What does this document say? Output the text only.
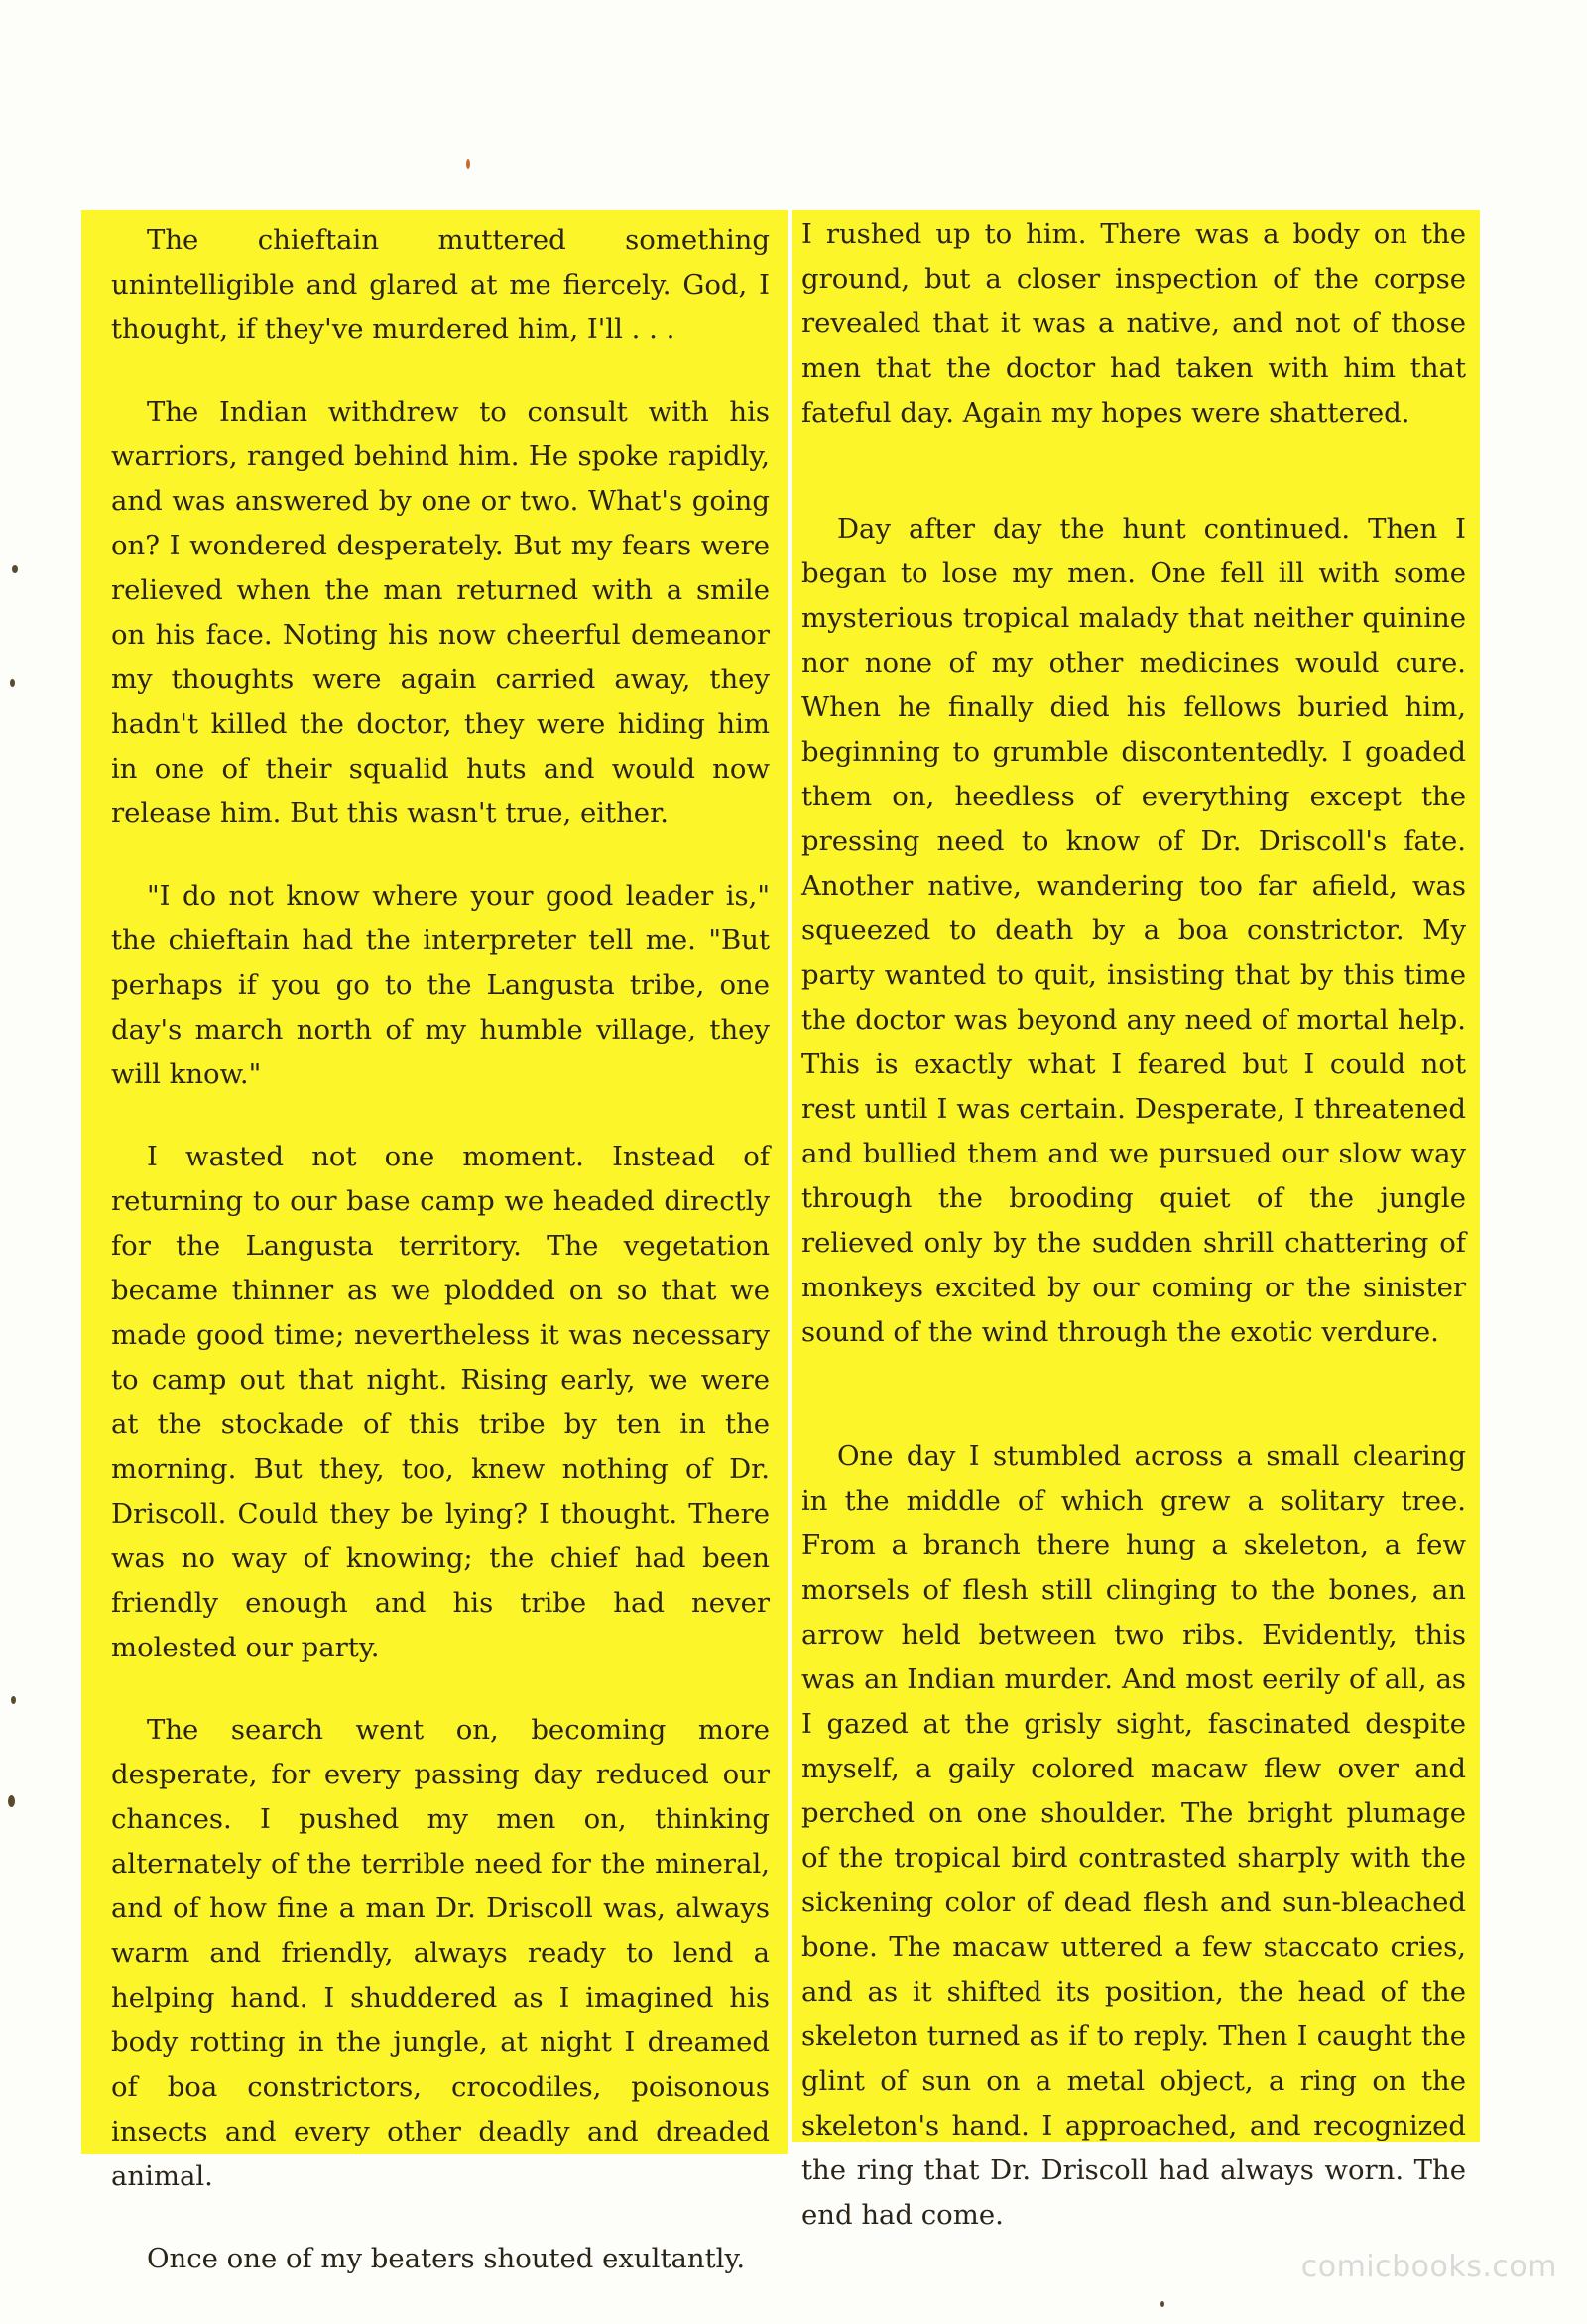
The chieftain muttered something unintelligible and glared at me fiercely. God, I thought, if they've murdered him, I'll . . .

The Indian withdrew to consult with his warriors, ranged behind him. He spoke rapidly, and was answered by one or two. What's going on? I wondered desperately. But my fears were relieved when the man returned with a smile on his face. Noting his now cheerful demeanor my thoughts were again carried away, they hadn't killed the doctor, they were hiding him in one of their squalid huts and would now release him. But this wasn't true, either.

"I do not know where your good leader is," the chieftain had the interpreter tell me. "But perhaps if you go to the Langusta tribe, one day's march north of my humble village, they will know."

I wasted not one moment. Instead of returning to our base camp we headed directly for the Langusta territory. The vegetation became thinner as we plodded on so that we made good time; nevertheless it was necessary to camp out that night. Rising early, we were at the stockade of this tribe by ten in the morning. But they, too, knew nothing of Dr. Driscoll. Could they be lying? I thought. There was no way of knowing; the chief had been friendly enough and his tribe had never molested our party.

The search went on, becoming more desperate, for every passing day reduced our chances. I pushed my men on, thinking alternately of the terrible need for the mineral, and of how fine a man Dr. Driscoll was, always warm and friendly, always ready to lend a helping hand. I shuddered as I imagined his body rotting in the jungle, at night I dreamed of boa constrictors, crocodiles, poisonous insects and every other deadly and dreaded animal.

Once one of my beaters shouted exultantly.

I rushed up to him. There was a body on the ground, but a closer inspection of the corpse revealed that it was a native, and not of those men that the doctor had taken with him that fateful day. Again my hopes were shattered.

Day after day the hunt continued. Then I began to lose my men. One fell ill with some mysterious tropical malady that neither quinine nor none of my other medicines would cure. When he finally died his fellows buried him, beginning to grumble discontentedly. I goaded them on, heedless of everything except the pressing need to know of Dr. Driscoll's fate. Another native, wandering too far afield, was squeezed to death by a boa constrictor. My party wanted to quit, insisting that by this time the doctor was beyond any need of mortal help. This is exactly what I feared but I could not rest until I was certain. Desperate, I threatened and bullied them and we pursued our slow way through the brooding quiet of the jungle relieved only by the sudden shrill chattering of monkeys excited by our coming or the sinister sound of the wind through the exotic verdure.

One day I stumbled across a small clearing in the middle of which grew a solitary tree. From a branch there hung a skeleton, a few morsels of flesh still clinging to the bones, an arrow held between two ribs. Evidently, this was an Indian murder. And most eerily of all, as I gazed at the grisly sight, fascinated despite myself, a gaily colored macaw flew over and perched on one shoulder. The bright plumage of the tropical bird contrasted sharply with the sickening color of dead flesh and sun-bleached bone. The macaw uttered a few staccato cries, and as it shifted its position, the head of the skeleton turned as if to reply. Then I caught the glint of sun on a metal object, a ring on the skeleton's hand. I approached, and recognized the ring that Dr. Driscoll had always worn. The end had come.

comicbooks.com
